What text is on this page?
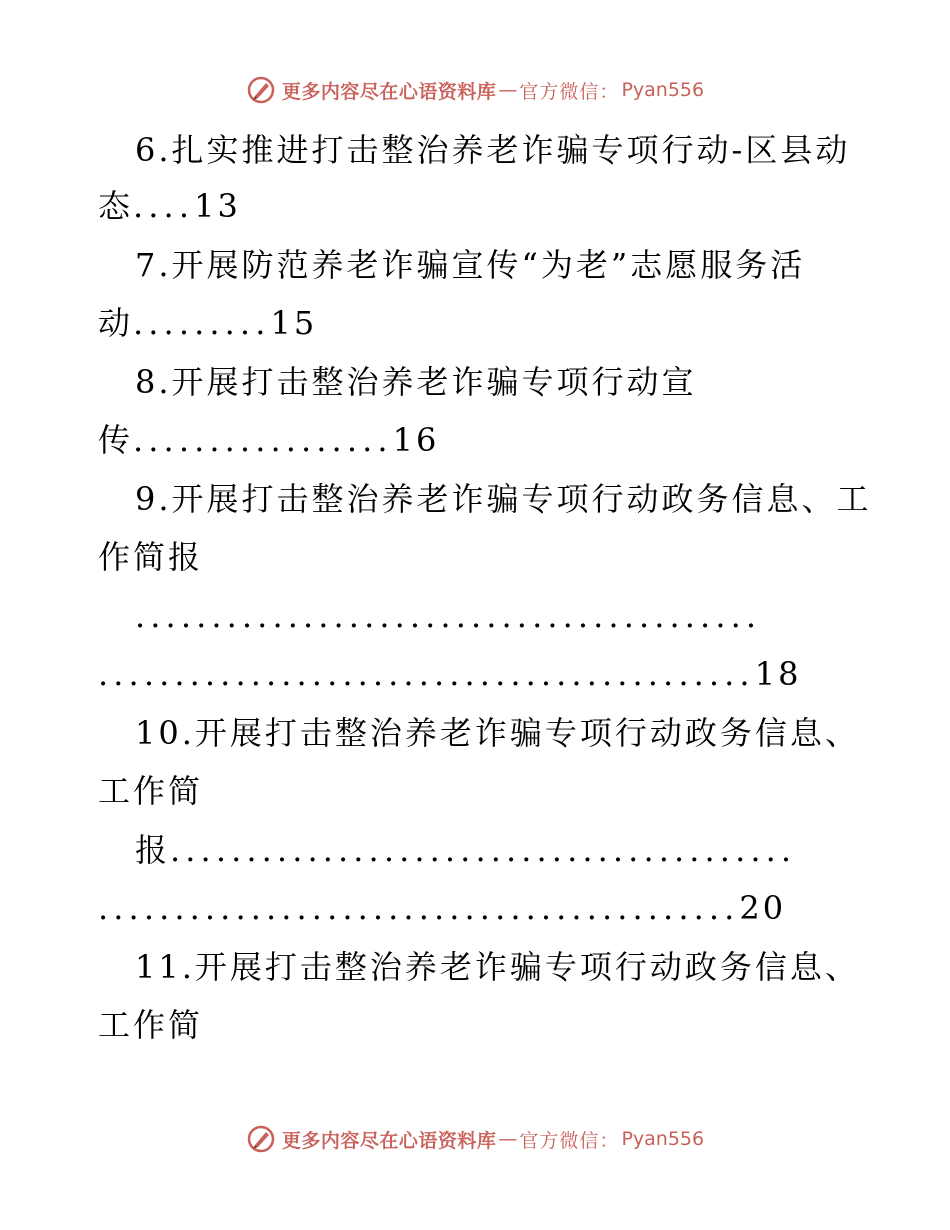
更多内容尽在心语资料库 — 官方微信： Pyan556
6.扎实推进打击整治养老诈骗专项行动-区县动
态....13
7.开展防范养老诈骗宣传“为老”志愿服务活
动.........15
8.开展打击整治养老诈骗专项行动宣
传.................16
9.开展打击整治养老诈骗专项行动政务信息、工
作简报
.........................................
...........................................18
10.开展打击整治养老诈骗专项行动政务信息、
工作简
报.........................................
..........................................20
11.开展打击整治养老诈骗专项行动政务信息、
工作简
更多内容尽在心语资料库 — 官方微信： Pyan556
